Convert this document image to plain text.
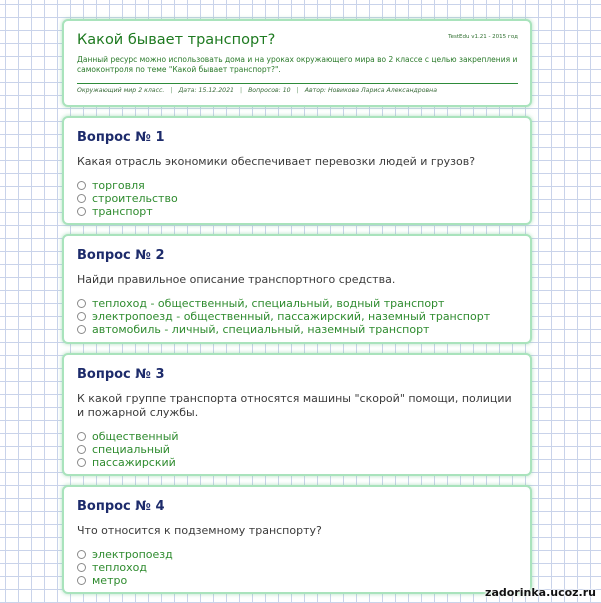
Какой бывает транспорт?	TestEdu v1.21 - 2015 год
Данный ресурс можно использовать дома и на уроках окружающего мира во 2 классе с целью закрепления и самоконтроля по теме "Какой бывает транспорт?".
Окружающий мир 2 класс. | Дата: 15.12.2021 | Вопросов: 10 | Автор: Новикова Лариса Александровна
Вопрос № 1
Какая отрасль экономики обеспечивает перевозки людей и грузов?
торговля
строительство
транспорт
Вопрос № 2
Найди правильное описание транспортного средства.
теплоход - общественный, специальный, водный транспорт
электропоезд - общественный, пассажирский, наземный транспорт
автомобиль - личный, специальный, наземный транспорт
Вопрос № 3
К какой группе транспорта относятся машины "скорой" помощи, полиции и пожарной службы.
общественный
специальный
пассажирский
Вопрос № 4
Что относится к подземному транспорту?
электропоезд
теплоход
метро
zadorinka.ucoz.ru
